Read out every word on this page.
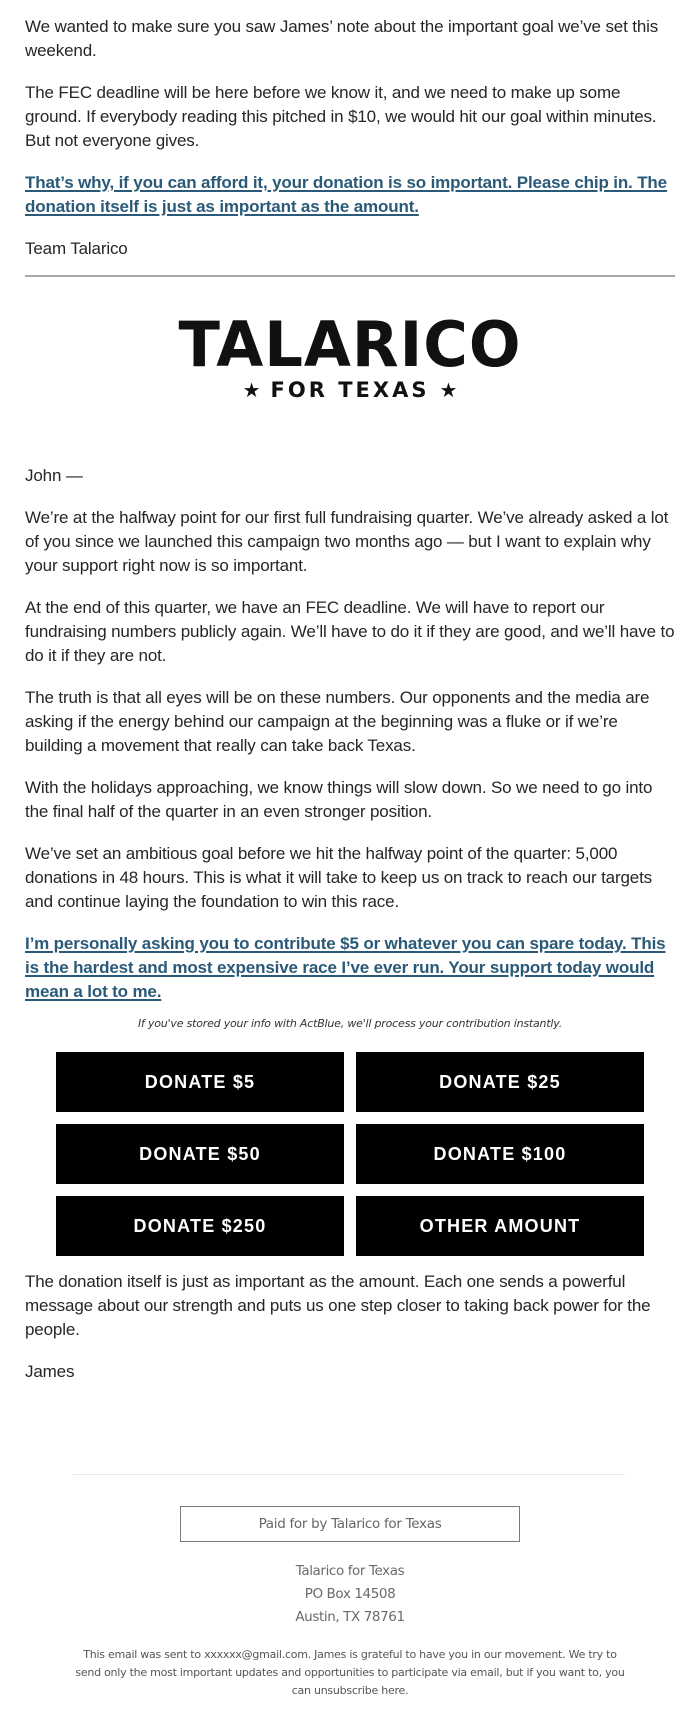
We wanted to make sure you saw James’ note about the important goal we’ve set this weekend.

The FEC deadline will be here before we know it, and we need to make up some ground. If everybody reading this pitched in $10, we would hit our goal within minutes. But not everyone gives.

That’s why, if you can afford it, your donation is so important. Please chip in. The donation itself is just as important as the amount.

Team Talarico

TALARICO
★ FOR TEXAS ★

John —

We’re at the halfway point for our first full fundraising quarter. We’ve already asked a lot of you since we launched this campaign two months ago — but I want to explain why your support right now is so important.

At the end of this quarter, we have an FEC deadline. We will have to report our fundraising numbers publicly again. We’ll have to do it if they are good, and we’ll have to do it if they are not.

The truth is that all eyes will be on these numbers. Our opponents and the media are asking if the energy behind our campaign at the beginning was a fluke or if we’re building a movement that really can take back Texas.

With the holidays approaching, we know things will slow down. So we need to go into the final half of the quarter in an even stronger position.

We’ve set an ambitious goal before we hit the halfway point of the quarter: 5,000 donations in 48 hours. This is what it will take to keep us on track to reach our targets and continue laying the foundation to win this race.

I’m personally asking you to contribute $5 or whatever you can spare today. This is the hardest and most expensive race I’ve ever run. Your support today would mean a lot to me.

If you've stored your info with ActBlue, we'll process your contribution instantly.
DONATE $5	DONATE $25
DONATE $50	DONATE $100
DONATE $250	OTHER AMOUNT

The donation itself is just as important as the amount. Each one sends a powerful message about our strength and puts us one step closer to taking back power for the people.

James

Paid for by Talarico for Texas
Talarico for Texas
PO Box 14508
Austin, TX 78761
This email was sent to xxxxxx@gmail.com. James is grateful to have you in our movement. We try to send only the most important updates and opportunities to participate via email, but if you want to, you can unsubscribe here.
